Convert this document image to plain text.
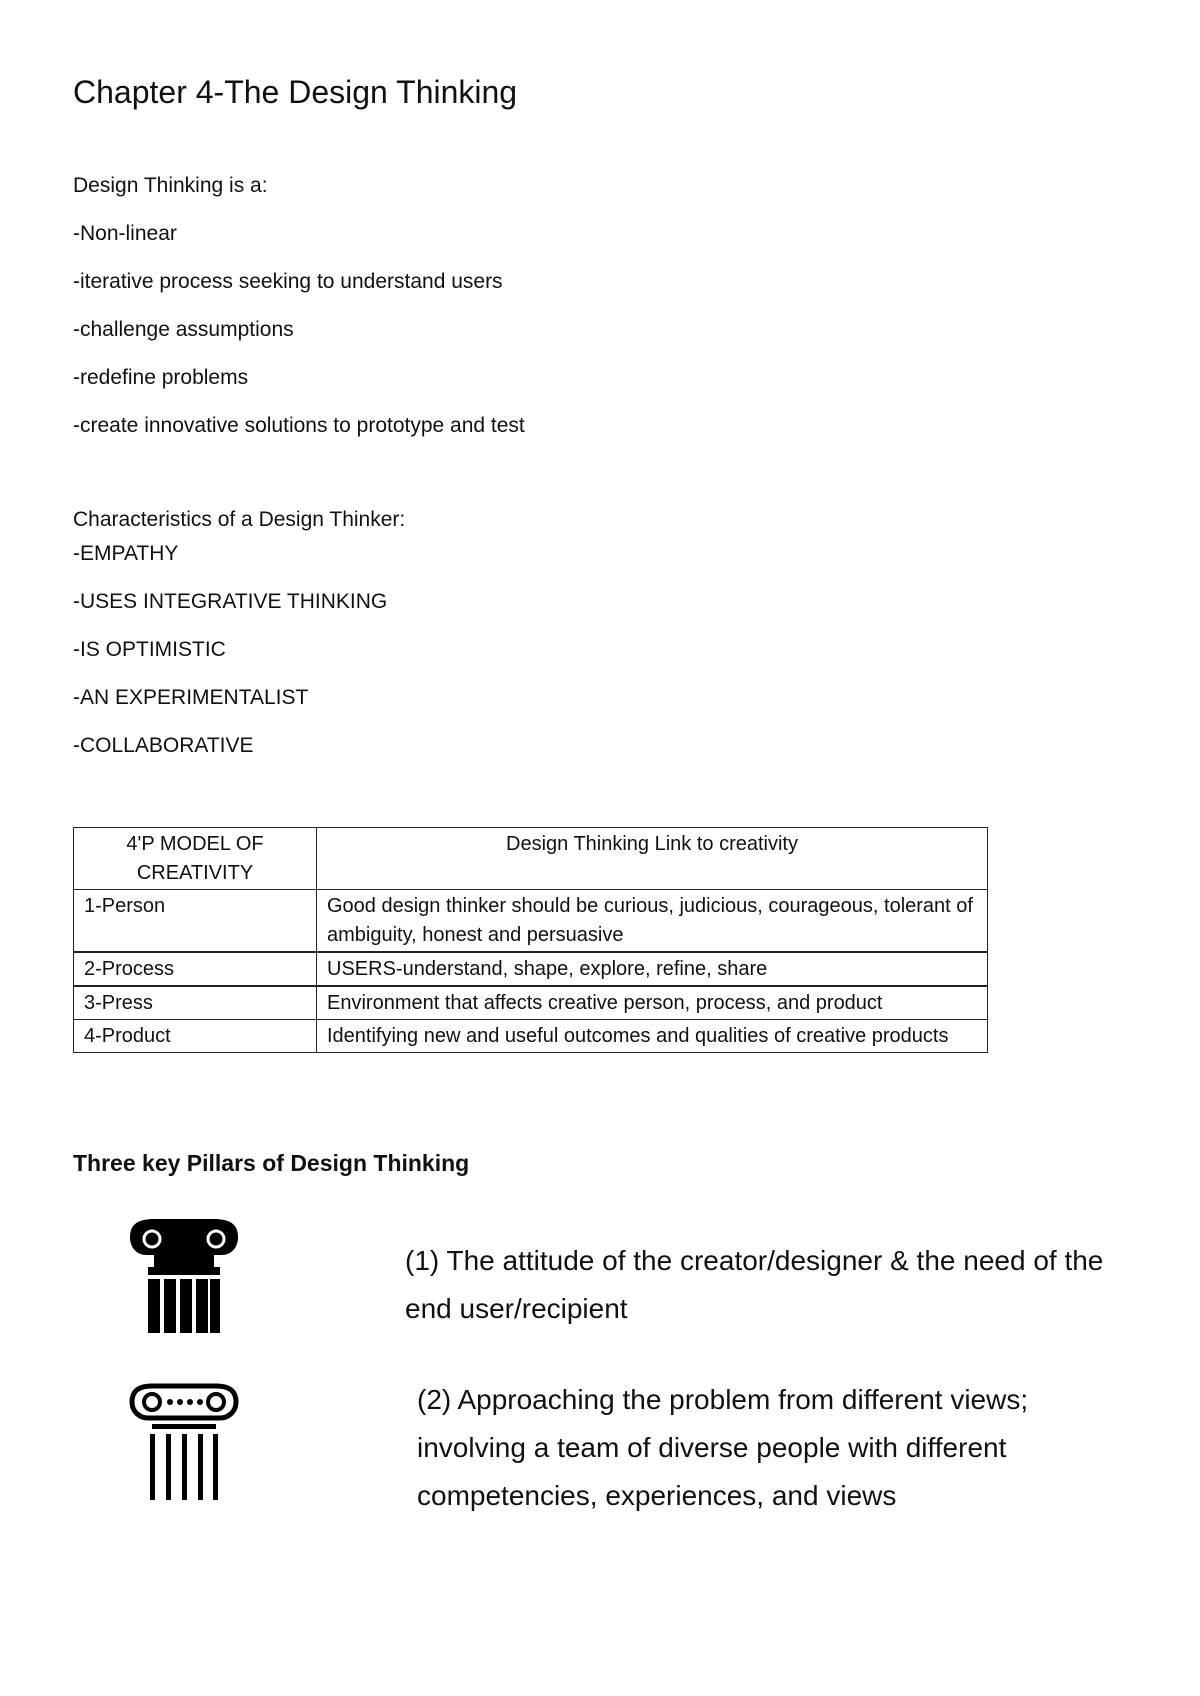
Chapter 4-The Design Thinking
Design Thinking is a:
-Non-linear
-iterative process seeking to understand users
-challenge assumptions
-redefine problems
-create innovative solutions to prototype and test
Characteristics of a Design Thinker:
-EMPATHY
-USES INTEGRATIVE THINKING
-IS OPTIMISTIC
-AN EXPERIMENTALIST
-COLLABORATIVE
4'P MODEL OF CREATIVITY	Design Thinking Link to creativity
1-Person	Good design thinker should be curious, judicious, courageous, tolerant of ambiguity, honest and persuasive
2-Process	USERS-understand, shape, explore, refine, share
3-Press	Environment that affects creative person, process, and product
4-Product	Identifying new and useful outcomes and qualities of creative products
Three key Pillars of Design Thinking
(1) The attitude of the creator/designer & the need of the end user/recipient
(2) Approaching the problem from different views; involving a team of diverse people with different competencies, experiences, and views
